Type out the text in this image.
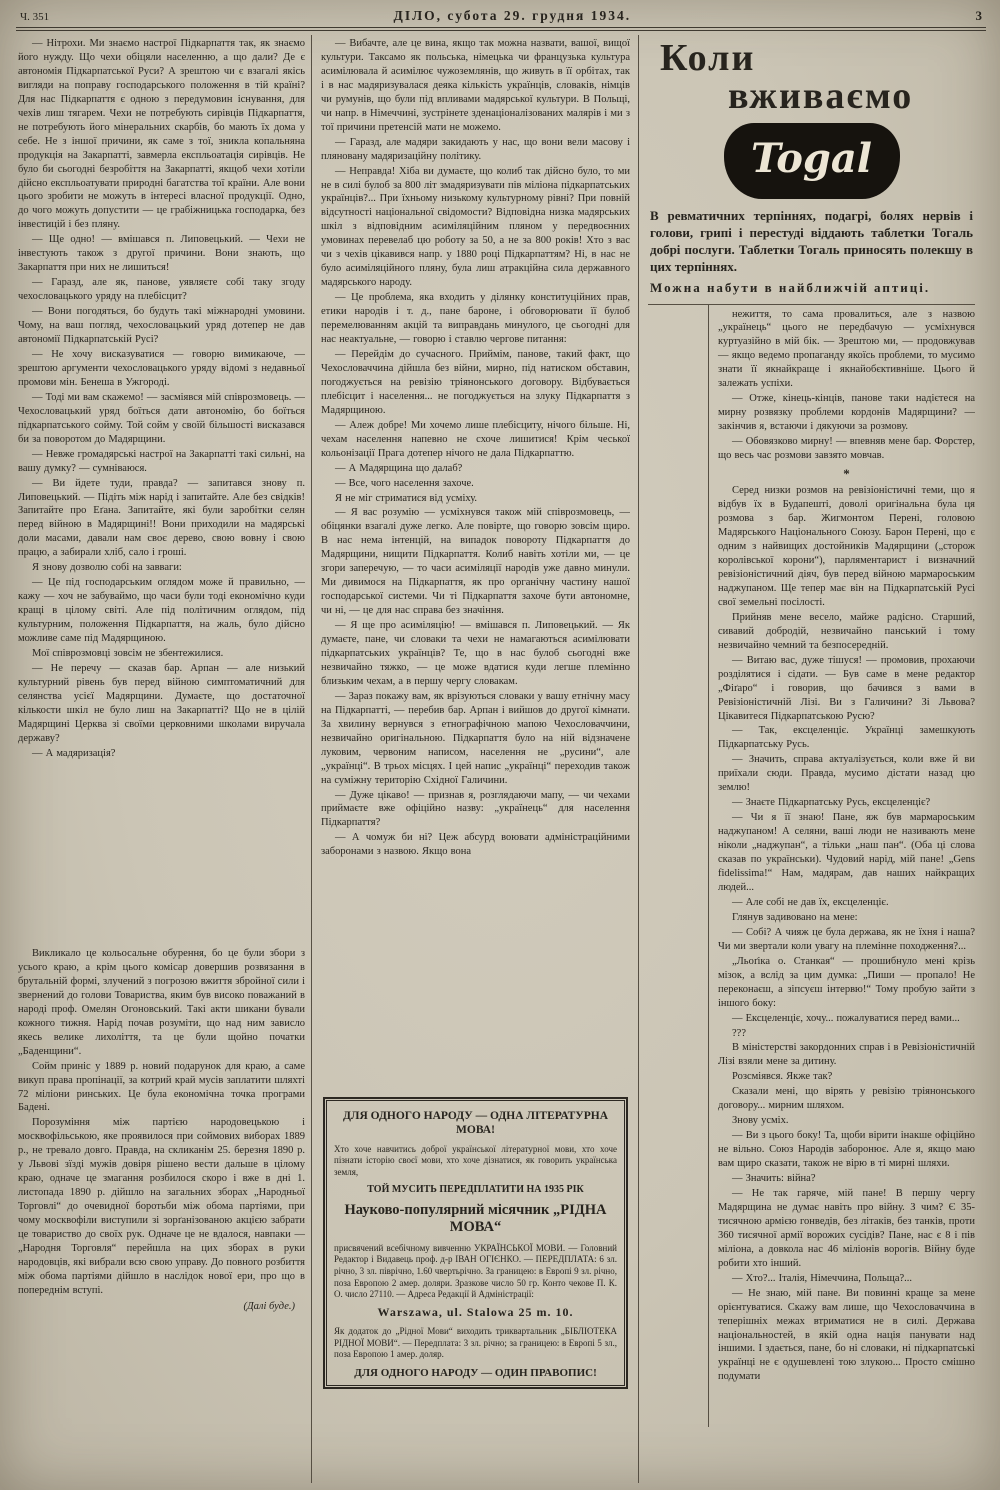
Ч. 351	ДІЛО, субота 29. грудня 1934.	3

— Нітрохи. Ми знаємо настрої Підкарпаття так, як знаємо його нужду. Що чехи обіцяли населенню, а що дали? Де є автономія Підкарпатської Руси? А зрештою чи є взагалі якісь вигляди на поправу господарського положення в тій країні? Для нас Підкарпаття є одною з передумовин існування, для чехів лиш тягарем. Чехи не потребують сирівців Підкарпаття, не потребують його мінеральних скарбів, бо мають їх дома у себе. Не з іншої причини, як саме з тої, зникла копальняна продукція на Закарпатті, завмерла експльоатація сирівців. Не було би сьогодні безробіття на Закарпатті, якщоб чехи хотіли дійсно експльоатувати природні багатства тої країни. Але вони цього зробити не можуть в інтересі власної продукції. Одно, до чого можуть допустити — це грабіжницька господарка, без інвестицій і без пляну.

— Ще одно! — вмішався п. Липовецький. — Чехи не інвестують також з другої причини. Вони знають, що Закарпаття при них не лишиться!

— Гаразд, але як, панове, уявляєте собі таку згоду чехословацького уряду на плебісцит?

— Вони погодяться, бо будуть такі міжнародні умовини. Чому, на ваш погляд, чехословацький уряд дотепер не дав автономії Підкарпатській Русі?

— Не хочу висказуватися — говорю вимикаюче, — зрештою аргументи чехословацького уряду відомі з недавньої промови мін. Бенеша в Ужгороді.

— Тоді ми вам скажемо! — засміявся мій співрозмовець. — Чехословацький уряд боїться дати автономію, бо боїться підкарпатського сойму. Той сойм у своїй більшості висказався би за поворотом до Мадярщини.

— Невже громадярські настрої на Закарпатті такі сильні, на вашу думку? — сумніваюся.

— Ви йдете туди, правда? — запитався знову п. Липовецький. — Підіть між нарід і запитайте. Але без свідків! Запитайте про Еґана. Запитайте, які були заробітки селян перед війною в Мадярщині!! Вони приходили на мадярські доли масами, давали нам своє дерево, свою вовну і свою працю, а забирали хліб, сало і гроші.

Я знову дозволю собі на завваги:

— Це під господарським оглядом може й правильно, — кажу — хоч не забуваймо, що часи були тоді економічно куди кращі в цілому світі. Але під політичним оглядом, під культурним, положення Підкарпаття, на жаль, було дійсно можливе саме під Мадярщиною.

Мої співрозмовці зовсім не збентежилися.

— Не перечу — сказав бар. Арпан — але низький культурний рівень був перед війною симптоматичний для селянства усієї Мадярщини. Думаєте, що достаточної кількости шкіл не було лиш на Закарпатті? Що не в цілій Мадярщині Церква зі своїми церковними школами виручала державу?

— А мадяризація?

Викликало це кольосальне обурення, бо це були збори з усього краю, а крім цього комісар довершив розвязання в брутальній формі, злучений з погрозою вжиття збройної сили і звернений до голови Товариства, яким був високо поважаний в народі проф. Омелян Огоновський. Такі акти шикани бували кожного тижня. Нарід почав розуміти, що над ним зависло якесь велике лихоліття, та це були щойно початки „Баденщини“.

Сойм приніс у 1889 р. новий подарунок для краю, а саме викуп права пропінації, за котрий край мусів заплатити шляхті 72 міліони ринських. Це була економічна точка програми Бадені.

Порозуміння між партією народовецькою і москвофільською, яке проявилося при соймових виборах 1889 р., не тревало довго. Правда, на скликанім 25. березня 1890 р. у Львові зїзді мужів довіря рішено вести дальше в цілому краю, одначе це змагання розбилося скоро і вже в дні 1. листопада 1890 р. дійшло на загальних зборах „Народньої Торговлі“ до очевидної боротьби між обома партіями, при чому москвофіли виступили зі зорґанізованою акцією забрати це товариство до своїх рук. Одначе це не вдалося, навпаки — „Народня Торговля“ перейшла на цих зборах в руки народовців, які вибрали всю свою управу. До повного розбиття між обома партіями дійшло в наслідок нової ери, про що в попереднім вступі.

(Далі буде.)

— Вибачте, але це вина, якщо так можна назвати, вашої, вищої культури. Таксамо як польська, німецька чи французька культура асимілювала й асимілює чужоземлянів, що живуть в її орбітах, так і в нас мадяризувалася деяка кількість українців, словаків, німців чи румунів, що були під впливами мадярської культури. В Польщі, чи напр. в Німеччині, зустрінете зденаціоналізованих малярів і ми з тої причини претенсій мати не можемо.

— Гаразд, але мадяри закидають у нас, що вони вели масову і пляновану мадяризаційну політику.

— Неправда! Хіба ви думаєте, що колиб так дійсно було, то ми не в силі булоб за 800 літ змадяризувати пів міліона підкарпатських українців?... При їхньому низькому культурному рівні? При повній відсутності національної свідомости? Відповідна низка мадярських шкіл з відповідним асиміляційним пляном у передвоєнних умовинах перевелаб цю роботу за 50, а не за 800 років! Хто з вас чи з чехів цікавився напр. у 1880 році Підкарпаттям? Ні, в нас не було асиміляційного пляну, була лиш атракційна сила державного мадярського народу.

— Це проблема, яка входить у ділянку конституційних прав, етики народів і т. д., пане бароне, і обговорювати її булоб перемелюванням акцій та виправдань минулого, це сьогодні для нас неактуальне, — говорю і ставлю чергове питання:

— Перейдім до сучасного. Приймім, панове, такий факт, що Чехословаччина дійшла без війни, мирно, під натиском обставин, погоджується на ревізію тріянонського договору. Відбувається плебісцит і населення... не погоджується на злуку Підкарпаття з Мадярщиною.

— Алеж добре! Ми хочемо лише плебісциту, нічого більше. Ні, чехам населення напевно не схоче лишитися! Крім чеської кольонізації Прага дотепер нічого не дала Підкарпаттю.

— А Мадярщина що далаб?

— Все, чого населення захоче.

Я не міг стриматися від усміху.

— Я вас розумію — усміхнувся також мій співрозмовець, — обіцянки взагалі дуже легко. Але повірте, що говорю зовсім щиро. В нас нема інтенцій, на випадок повороту Підкарпаття до Мадярщини, нищити Підкарпаття. Колиб навіть хотіли ми, — це згори заперечую, — то часи асиміляції народів уже давно минули. Ми дивимося на Підкарпаття, як про органічну частину нашої господарської системи. Чи ті Підкарпаття захоче бути автономне, чи ні, — це для нас справа без значіння.

— Я ще про асиміляцію! — вмішався п. Липовецький. — Як думаєте, пане, чи словаки та чехи не намагаються асимілювати підкарпатських українців? Те, що в нас булоб сьогодні вже незвичайно тяжко, — це може вдатися куди легше племінно близьким чехам, а в першу чергу словакам.

— Зараз покажу вам, як врізуються словаки у вашу етнічну масу на Підкарпатті, — перебив бар. Арпан і вийшов до другої кімнати. За хвилину вернувся з етнографічною мапою Чехословаччини, незвичайно оригінальною. Підкарпаття було на ній відзначене луковим, червоним написом, населення не „русини“, але „українці“. В трьох місцях. І цей напис „українці“ переходив також на суміжну територію Східної Галичини.

— Дуже цікаво! — признав я, розглядаючи мапу, — чи чехами приймаєте вже офіційно назву: „українець“ для населення Підкарпаття?

— А чомуж би ні? Цеж абсурд воювати адміністраційними заборонами з назвою. Якщо вона

ДЛЯ ОДНОГО НАРОДУ — ОДНА ЛІТЕРАТУРНА МОВА!

Хто хоче навчитись доброї української літературної мови, хто хоче пізнати історію своєї мови, хто хоче дізнатися, як говорить українська земля,

ТОЙ МУСИТЬ ПЕРЕДПЛАТИТИ НА 1935 РІК

Науково-популярний місячник „РІДНА МОВА“

присвячений всебічному вивченню УКРАЇНСЬКОЇ МОВИ. — Головний Редактор і Видавець проф. д-р ІВАН ОГІЄНКО. — ПЕРЕДПЛАТА: 6 зл. річно, 3 зл. піврічно, 1.60 чвертьрічно. За границею: в Европі 9 зл. річно, поза Европою 2 амер. доляри. Зразкове число 50 гр. Конто чекове П. К. О. число 27110. — Адреса Редакції й Адміністрації:

Warszawa, ul. Stalowa 25 m. 10.

Як додаток до „Рідної Мови“ виходить триквартальник „БІБЛІОТЕКА РІДНОЇ МОВИ“. — Передплата: 3 зл. річно; за границею: в Европі 5 зл., поза Европою 1 амер. доляр.

ДЛЯ ОДНОГО НАРОДУ — ОДИН ПРАВОПИС!

Коли

вживаємо

Togal

В ревматичних терпіннях, подагрі, болях нервів і голови, грипі і перестуді віддають таблетки Тогаль добрі послуги. Таблетки Тогаль приносять полекшу в цих терпіннях.

Можна набути в найближчій аптиці.

нежиття, то сама провалиться, але з назвою „українець“ цього не передбачую — усміхнувся куртуазійно в мій бік. — Зрештою ми, — продовжував — якщо ведемо пропаганду якоїсь проблеми, то мусимо знати її якнайкраще і якнайобєктивніше. Цього й залежать успіхи.

— Отже, кінець-кінців, панове таки надієтеся на мирну розвязку проблеми кордонів Мадярщини? — закінчив я, встаючи і дякуючи за розмову.

— Обовязково мирну! — впевняв мене бар. Форстер, що весь час розмови завзято мовчав.

*

Серед низки розмов на ревізіоністичні теми, що я відбув їх в Будапешті, доволі оригінальна була ця розмова з бар. Жигмонтом Перені, головою Мадярського Національного Союзу. Барон Перені, що є одним з найвищих достойників Мадярщини („сторож королівської корони“), парляментарист і визначний ревізіоністичний діяч, був перед війною мармароським наджупаном. Ще тепер має він на Підкарпатській Русі свої земельні посілості.

Прийняв мене весело, майже радісно. Старший, сивавий добродій, незвичайно панський і тому незвичайно чемний та безпосередній.

— Витаю вас, дуже тішуся! — промовив, прохаючи розділятися і сідати. — Був саме в мене редактор „Фіґаро“ і говорив, що бачився з вами в Ревізіоністичній Лізі. Ви з Галичини? Зі Львова? Цікавитеся Підкарпатською Русю?

— Так, ексцеленціє. Українці замешкують Підкарпатську Русь.

— Значить, справа актуалізується, коли вже й ви приїхали сюди. Правда, мусимо дістати назад цю землю!

— Знаєте Підкарпатську Русь, ексцеленціє?

— Чи я її знаю! Пане, яж був мармароським наджупаном! А селяни, ваші люди не називають мене ніколи „наджупан“, а тільки „наш пан“. (Оба ці слова сказав по українськи). Чудовий нарід, мій пане! „Gens fidelissima!“ Нам, мадярам, дав наших найкращих людей...

— Але собі не дав їх, ексцеленціє.

Глянув задивовано на мене:

— Собі? А чияж це була держава, як не їхня і наша? Чи ми звертали коли увагу на племінне походження?...

„Льоґіка о. Станкая“ — прошибнуло мені крізь мізок, а вслід за цим думка: „Пиши — пропало! Не переконаєш, а зіпсуєш інтервю!“ Тому пробую зайти з іншого боку:

— Ексцеленціє, хочу... пожалуватися перед вами...

???

В міністерстві закордонних справ і в Ревізіоністичній Лізі взяли мене за дитину.

Розсміявся. Якже так?

Сказали мені, що вірять у ревізію тріянонського договору... мирним шляхом.

Знову усміх.

— Ви з цього боку! Та, щоби вірити інакше офіційно не вільно. Союз Народів заборонює. Але я, якщо маю вам щиро сказати, також не вірю в ті мирні шляхи.

— Значить: війна?

— Не так гаряче, мій пане! В першу чергу Мадярщина не думає навіть про війну. З чим? Є 35-тисячною армією гонведів, без літаків, без танків, проти 360 тисячної армії ворожих сусідів? Пане, нас є 8 і пів міліона, а довкола нас 46 міліонів ворогів. Війну буде робити хто інший.

— Хто?... Італія, Німеччина, Польща?...

— Не знаю, мій пане. Ви повинні краще за мене орієнтуватися. Скажу вам лише, що Чехословаччина в теперішніх межах втриматися не в силі. Держава національностей, в якій одна нація панувати над іншими. І здається, пане, бо ні словаки, ні підкарпатські українці не є одушевлені тою злукою... Просто смішно подумати
